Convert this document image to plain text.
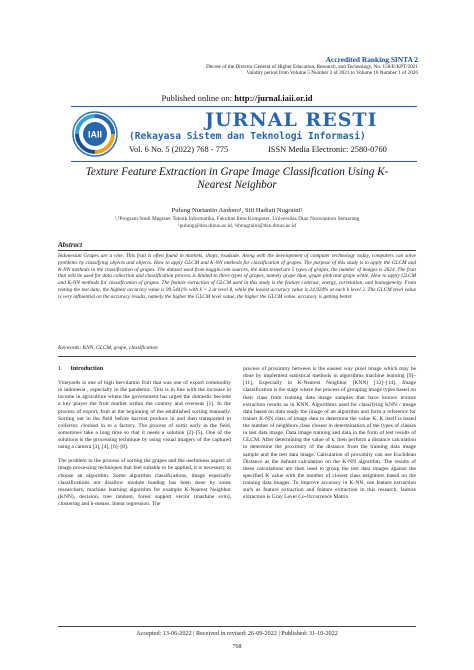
Accredited Ranking SINTA 2
Decree of the Director General of Higher Education, Research, and Technology, No. 158/E/KPT/2021
Validity period from Volume 5 Number 2 of 2021 to Volume 10 Number 1 of 2026
Published online on: http://jurnal.iaii.or.id
IAII
JURNAL RESTI
(Rekayasa Sistem dan Teknologi Informasi)
Vol. 6 No. 5 (2022) 768 - 775	ISSN Media Electronic: 2580-0760
Texture Feature Extraction in Grape Image Classification Using K-Nearest Neighbor
Pulung Nurtantio Andono¹, Siti Hadiati Nugraini²
¹,²Program Studi Magister Teknik Informatika, Fakultas Ilmu Komputer, Universitas Dian Nuswantoro Semarang
¹pulung@dsn.dinus.ac.id, ²shnugraini@dsn.dinus.ac.id
Abstract
Indonesian Grapes are a vine. This fruit is often found in markets, shops, roadside. Along with the development of computer technology today, computers can solve problems by classifying objects and objects. How to apply GLCM and K-NN methods for classification of grapes. The purpose of this study is to apply the GLCM and K-NN methods in the classification of grapes. The dataset used from kaggle.com sources, the data tested are 5 types of grapes, the number of images is 2624. The fruit that will be used for data collection and classification process is limited to three types of grapes, namely grape blue, grape pink and grape white. How to apply GLCM and K-NN methods for classification of grapes. The feature extraction of GLCM used in this study is the feature contrast, energy, correlation, and homogeneity. From testing the test data, the highest accuracy value is 99.5441% with k = 2 at level 8, while the lowest accuracy value is 24.924% at each k level 2. The GLCM level value is very influential on the accuracy results, namely the higher the GLCM level value, the higher the GLCM value. accuracy is getting better.
Keywords: KNN, GLCM, grape, classification
1. Introduction

Vineyards is one of high bervitamin fruit that was one of export commodity in indonesia , especially in the pandemic. This is in line with the increase in income in agriculture where the government has urged the domestic become a key player the fruit market within the country and overseas [1]. In the process of export, fruit at the beginning of the established sorting manually. Sorting out in the field before harvest produce in and then transported to collector. clocked in to a factory. The process of sortir early in the field, sometimes take a long time so that it needs a solution [2]–[5]. One of the solutions is the processing technique by using visual imagery of the captured using a camera [3], [4], [6]–[8].

The problem in the process of sorting the grapes and the usefulness aspect of image processing techniques that feel suitable to be applied, it is necessary to choose an algorithm. Some algorithm classifications, image especially classifications not disallow module loading has been done by some researchers, machine learning algorithm for example K-Nearest Neighbor (KNN), decision, tree random, forest support vector (machine svm), clustering and k-means. linear regression. The

process of proximity between is the easiest way pixel image which may be done by implement statistical methods in algorithms machine learning [9]–[11], Especially in K-Nearest Neighbor (KNN) [12]–[14]. Image classification is the stage where the process of grouping image types based on their class from training data image samples that have known texture extraction results as in KNN. Algorithms used for classifying KNN / image data based on data ready the image of an algorithm and form a reference for trainer K-NN class of image data to determine the value K. K itself is based the number of neighbors class closest in determination of the types of classes in test data image. Data image training and data in the form of test results of GLCM. After determining the value of k, then perform a distance calculation to determine the proximity of the distance from the training data image sample and the test data image. Calculation of proximity can use Euclidean Distance as the default calculation on the K-NN algorithm. The results of these calculations are then used to group the test data images against the specified K value with the number of closest class neighbors based on the training data images. To improve accuracy in K-NN, use feature extraction such as feature extraction and feature extraction in this research, feature extraction is Gray Level Co-Occurrence Matrix

Accepted: 13-06-2022 | Received in revised: 26-09-2022 | Published: 31-10-2022
768
